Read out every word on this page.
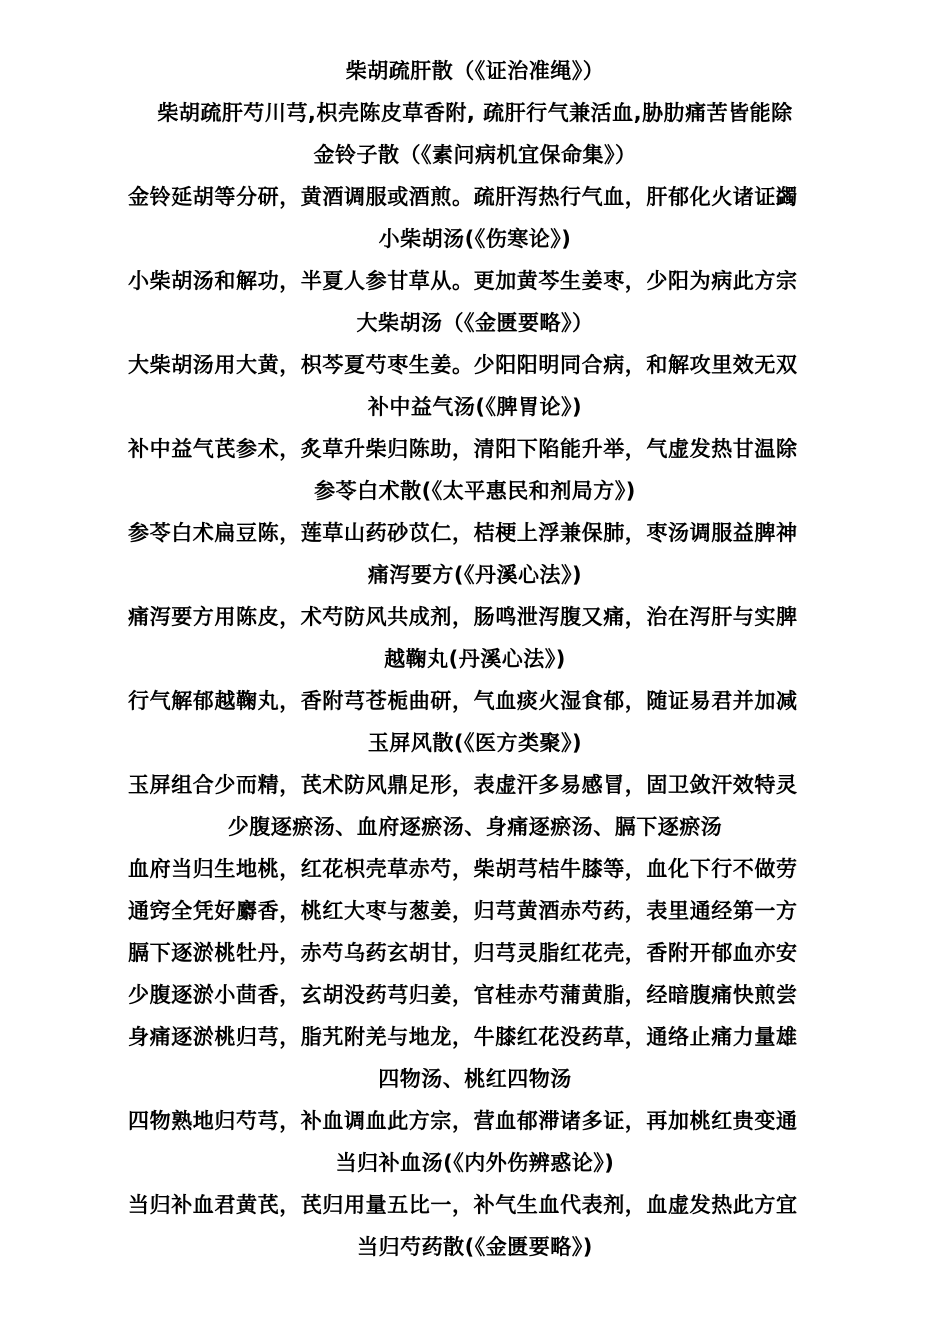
柴胡疏肝散（《证治准绳》）
柴胡疏肝芍川芎,枳壳陈皮草香附, 疏肝行气兼活血,胁肋痛苦皆能除
金铃子散（《素问病机宜保命集》）
金铃延胡等分研，黄酒调服或酒煎。疏肝泻热行气血，肝郁化火诸证蠲
小柴胡汤(《伤寒论》)
小柴胡汤和解功，半夏人参甘草从。更加黄芩生姜枣，少阳为病此方宗
大柴胡汤（《金匮要略》）
大柴胡汤用大黄，枳芩夏芍枣生姜。少阳阳明同合病，和解攻里效无双
补中益气汤(《脾胃论》)
补中益气芪参术，炙草升柴归陈助，清阳下陷能升举，气虚发热甘温除
参苓白术散(《太平惠民和剂局方》)
参苓白术扁豆陈，莲草山药砂苡仁，桔梗上浮兼保肺，枣汤调服益脾神
痛泻要方(《丹溪心法》)
痛泻要方用陈皮，术芍防风共成剂，肠鸣泄泻腹又痛，治在泻肝与实脾
越鞠丸(丹溪心法》)
行气解郁越鞠丸，香附芎苍栀曲研，气血痰火湿食郁，随证易君并加减
玉屏风散(《医方类聚》)
玉屏组合少而精，芪术防风鼎足形，表虚汗多易感冒，固卫敛汗效特灵
少腹逐瘀汤、血府逐瘀汤、身痛逐瘀汤、膈下逐瘀汤
血府当归生地桃，红花枳壳草赤芍，柴胡芎桔牛膝等，血化下行不做劳
通窍全凭好麝香，桃红大枣与葱姜，归芎黄酒赤芍药，表里通经第一方
膈下逐淤桃牡丹，赤芍乌药玄胡甘，归芎灵脂红花壳，香附开郁血亦安
少腹逐淤小茴香，玄胡没药芎归姜，官桂赤芍蒲黄脂，经暗腹痛快煎尝
身痛逐淤桃归芎，脂艽附羌与地龙，牛膝红花没药草，通络止痛力量雄
四物汤、桃红四物汤
四物熟地归芍芎，补血调血此方宗，营血郁滞诸多证，再加桃红贵变通
当归补血汤(《内外伤辨惑论》)
当归补血君黄芪，芪归用量五比一，补气生血代表剂，血虚发热此方宜
当归芍药散(《金匮要略》)
